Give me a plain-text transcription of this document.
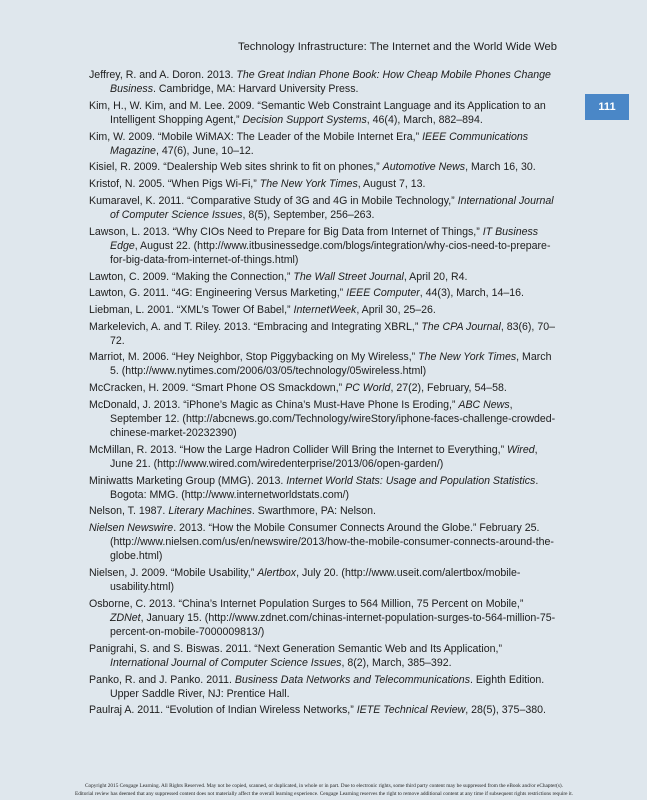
Technology Infrastructure: The Internet and the World Wide Web
111
Jeffrey, R. and A. Doron. 2013. The Great Indian Phone Book: How Cheap Mobile Phones Change Business. Cambridge, MA: Harvard University Press.
Kim, H., W. Kim, and M. Lee. 2009. “Semantic Web Constraint Language and its Application to an Intelligent Shopping Agent,” Decision Support Systems, 46(4), March, 882–894.
Kim, W. 2009. “Mobile WiMAX: The Leader of the Mobile Internet Era,” IEEE Communications Magazine, 47(6), June, 10–12.
Kisiel, R. 2009. “Dealership Web sites shrink to fit on phones,” Automotive News, March 16, 30.
Kristof, N. 2005. “When Pigs Wi-Fi,” The New York Times, August 7, 13.
Kumaravel, K. 2011. “Comparative Study of 3G and 4G in Mobile Technology,” International Journal of Computer Science Issues, 8(5), September, 256–263.
Lawson, L. 2013. “Why CIOs Need to Prepare for Big Data from Internet of Things,” IT Business Edge, August 22. (http://www.itbusinessedge.com/blogs/integration/why-cios-need-to-prepare-for-big-data-from-internet-of-things.html)
Lawton, C. 2009. “Making the Connection,” The Wall Street Journal, April 20, R4.
Lawton, G. 2011. “4G: Engineering Versus Marketing,” IEEE Computer, 44(3), March, 14–16.
Liebman, L. 2001. “XML’s Tower Of Babel,” InternetWeek, April 30, 25–26.
Markelevich, A. and T. Riley. 2013. “Embracing and Integrating XBRL,” The CPA Journal, 83(6), 70–72.
Marriot, M. 2006. “Hey Neighbor, Stop Piggybacking on My Wireless,” The New York Times, March 5. (http://www.nytimes.com/2006/03/05/technology/05wireless.html)
McCracken, H. 2009. “Smart Phone OS Smackdown,” PC World, 27(2), February, 54–58.
McDonald, J. 2013. “iPhone’s Magic as China’s Must-Have Phone Is Eroding,” ABC News, September 12. (http://abcnews.go.com/Technology/wireStory/iphone-faces-challenge-crowded-chinese-market-20232390)
McMillan, R. 2013. “How the Large Hadron Collider Will Bring the Internet to Everything,” Wired, June 21. (http://www.wired.com/wiredenterprise/2013/06/open-garden/)
Miniwatts Marketing Group (MMG). 2013. Internet World Stats: Usage and Population Statistics. Bogota: MMG. (http://www.internetworldstats.com/)
Nelson, T. 1987. Literary Machines. Swarthmore, PA: Nelson.
Nielsen Newswire. 2013. “How the Mobile Consumer Connects Around the Globe.” February 25. (http://www.nielsen.com/us/en/newswire/2013/how-the-mobile-consumer-connects-around-the-globe.html)
Nielsen, J. 2009. “Mobile Usability,” Alertbox, July 20. (http://www.useit.com/alertbox/mobile-usability.html)
Osborne, C. 2013. “China’s Internet Population Surges to 564 Million, 75 Percent on Mobile,” ZDNet, January 15. (http://www.zdnet.com/chinas-internet-population-surges-to-564-million-75-percent-on-mobile-7000009813/)
Panigrahi, S. and S. Biswas. 2011. “Next Generation Semantic Web and Its Application,” International Journal of Computer Science Issues, 8(2), March, 385–392.
Panko, R. and J. Panko. 2011. Business Data Networks and Telecommunications. Eighth Edition. Upper Saddle River, NJ: Prentice Hall.
Paulraj A. 2011. “Evolution of Indian Wireless Networks,” IETE Technical Review, 28(5), 375–380.
Copyright 2015 Cengage Learning. All Rights Reserved. May not be copied, scanned, or duplicated, in whole or in part. Due to electronic rights, some third party content may be suppressed from the eBook and/or eChapter(s).
Editorial review has deemed that any suppressed content does not materially affect the overall learning experience. Cengage Learning reserves the right to remove additional content at any time if subsequent rights restrictions require it.
